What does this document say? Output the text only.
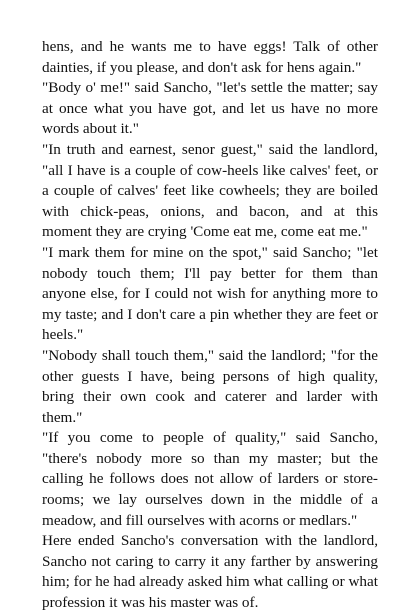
hens, and he wants me to have eggs! Talk of other dainties, if you please, and don't ask for hens again."

"Body o' me!" said Sancho, "let's settle the matter; say at once what you have got, and let us have no more words about it."

"In truth and earnest, senor guest," said the landlord, "all I have is a couple of cow-heels like calves' feet, or a couple of calves' feet like cowheels; they are boiled with chick-peas, onions, and bacon, and at this moment they are crying 'Come eat me, come eat me."

"I mark them for mine on the spot," said Sancho; "let nobody touch them; I'll pay better for them than anyone else, for I could not wish for anything more to my taste; and I don't care a pin whether they are feet or heels."

"Nobody shall touch them," said the landlord; "for the other guests I have, being persons of high quality, bring their own cook and caterer and larder with them."

"If you come to people of quality," said Sancho, "there's nobody more so than my master; but the calling he follows does not allow of larders or store-rooms; we lay ourselves down in the middle of a meadow, and fill ourselves with acorns or medlars."

Here ended Sancho's conversation with the landlord, Sancho not caring to carry it any farther by answering him; for he had already asked him what calling or what profession it was his master was of.
